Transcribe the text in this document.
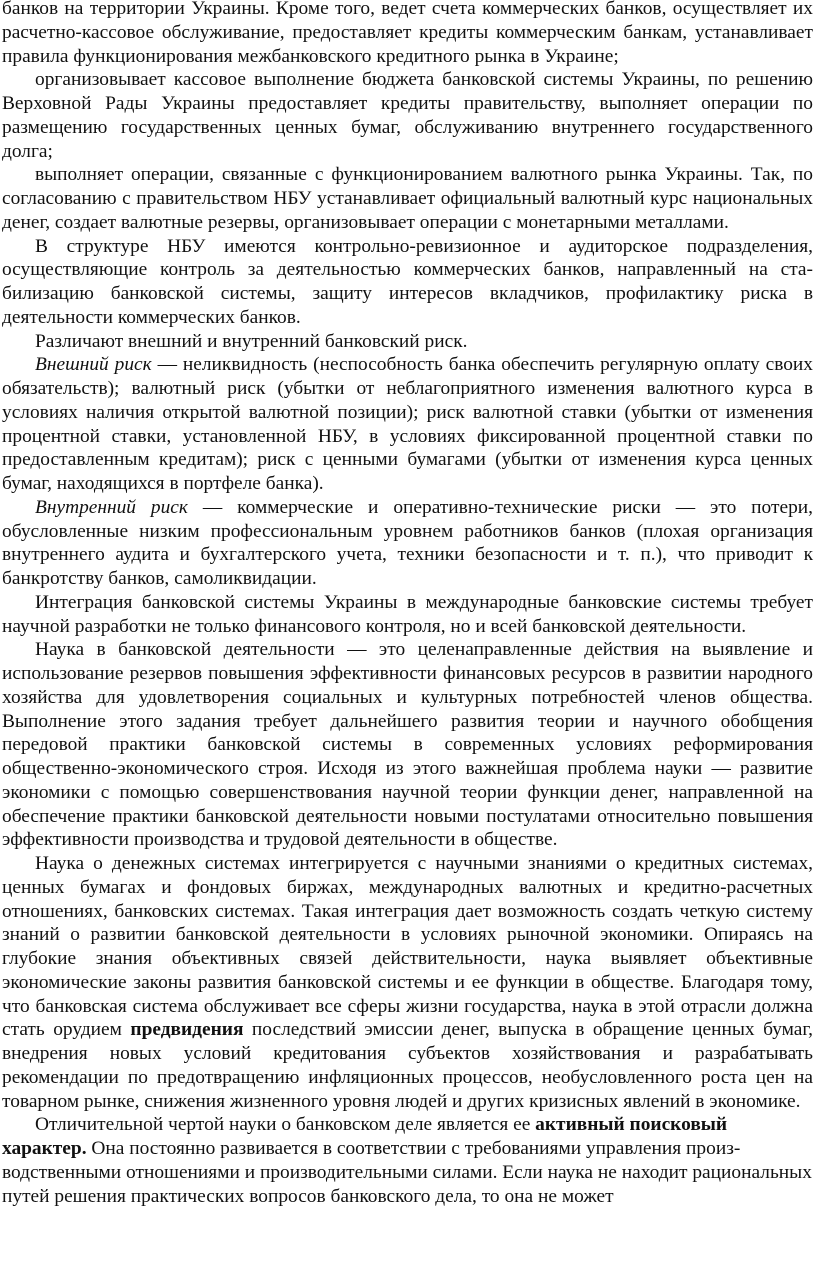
банков на территории Украины. Кроме того, ведет счета коммерческих банков, осуществляет их расчетно-кассовое обслуживание, предоставляет кредиты коммерческим банкам, устанавливает правила функционирования межбанковского кредитного рынка в Украине;

организовывает кассовое выполнение бюджета банковской системы Украины, по решению Верховной Рады Украины предоставляет кредиты правительству, выполняет операции по размещению государственных ценных бумаг, обслуживанию внутреннего государственного долга;

выполняет операции, связанные с функционированием валютного рынка Украины. Так, по согласованию с правительством НБУ устанавливает официальный валютный курс национальных денег, создает валютные резервы, организовывает операции с монетарными металлами.

В структуре НБУ имеются контрольно-ревизионное и аудиторское подразделения, осуществляющие контроль за деятельностью коммерческих банков, направленный на ста-билизацию банковской системы, защиту интересов вкладчиков, профилактику риска в деятельности коммерческих банков.

Различают внешний и внутренний банковский риск.

Внешний риск — неликвидность (неспособность банка обеспечить регулярную оплату своих обязательств); валютный риск (убытки от неблагоприятного изменения валютного курса в условиях наличия открытой валютной позиции); риск валютной ставки (убытки от изменения процентной ставки, установленной НБУ, в условиях фиксированной процентной ставки по предоставленным кредитам); риск с ценными бумагами (убытки от изменения курса ценных бумаг, находящихся в портфеле банка).

Внутренний риск — коммерческие и оперативно-технические риски — это потери, обусловленные низким профессиональным уровнем работников банков (плохая организация внутреннего аудита и бухгалтерского учета, техники безопасности и т. п.), что приводит к банкротству банков, самоликвидации.

Интеграция банковской системы Украины в международные банковские системы требует научной разработки не только финансового контроля, но и всей банковской деятельности.

Наука в банковской деятельности — это целенаправленные действия на выявление и использование резервов повышения эффективности финансовых ресурсов в развитии народного хозяйства для удовлетворения социальных и культурных потребностей членов общества. Выполнение этого задания требует дальнейшего развития теории и научного обобщения передовой практики банковской системы в современных условиях реформирования общественно-экономического строя. Исходя из этого важнейшая проблема науки — развитие экономики с помощью совершенствования научной теории функции денег, направленной на обеспечение практики банковской деятельности новыми постулатами относительно повышения эффективности производства и трудовой деятельности в обществе.

Наука о денежных системах интегрируется с научными знаниями о кредитных системах, ценных бумагах и фондовых биржах, международных валютных и кредитно-расчетных отношениях, банковских системах. Такая интеграция дает возможность создать четкую систему знаний о развитии банковской деятельности в условиях рыночной экономики. Опираясь на глубокие знания объективных связей действительности, наука выявляет объективные экономические законы развития банковской системы и ее функции в обществе. Благодаря тому, что банковская система обслуживает все сферы жизни государства, наука в этой отрасли должна стать орудием предвидения последствий эмиссии денег, выпуска в обращение ценных бумаг, внедрения новых условий кредитования субъектов хозяйствования и разрабатывать рекомендации по предотвращению инфляционных процессов, необусловленного роста цен на товарном рынке, снижения жизненного уровня людей и других кризисных явлений в экономике.

Отличительной чертой науки о банковском деле является ее активный поисковый характер. Она постоянно развивается в соответствии с требованиями управления произ-водственными отношениями и производительными силами. Если наука не находит рациональных путей решения практических вопросов банковского дела, то она не может
